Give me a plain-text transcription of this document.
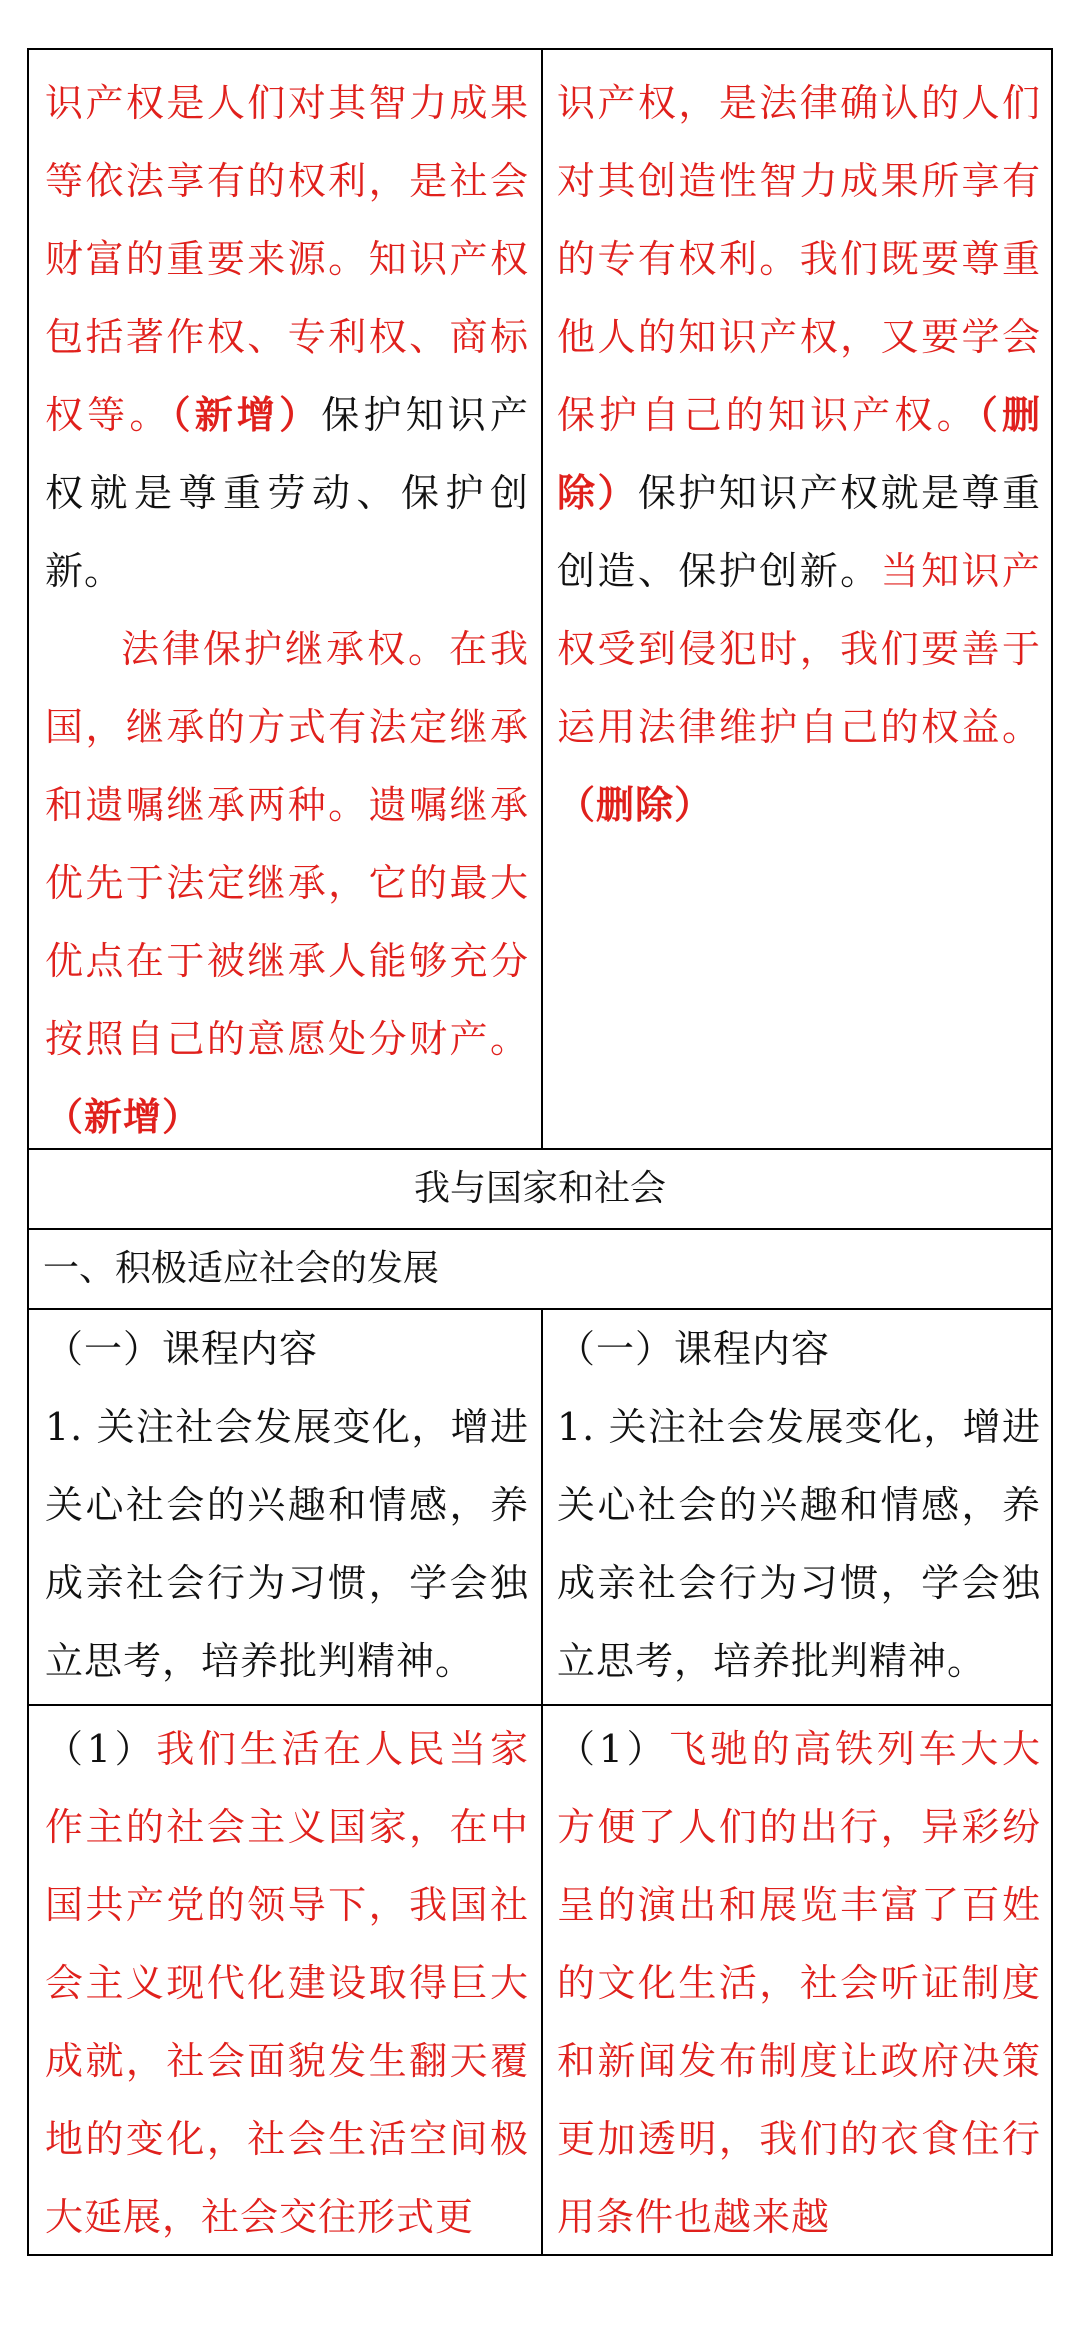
识产权是人们对其智力成果等依法享有的权利，是社会财富的重要来源。知识产权包括著作权、专利权、商标权等。（新增）保护知识产权就是尊重劳动、保护创新。
法律保护继承权。在我国，继承的方式有法定继承和遗嘱继承两种。遗嘱继承优先于法定继承，它的最大优点在于被继承人能够充分按照自己的意愿处分财产。（新增）
识产权，是法律确认的人们对其创造性智力成果所享有的专有权利。我们既要尊重他人的知识产权，又要学会保护自己的知识产权。（删除）保护知识产权就是尊重创造、保护创新。当知识产权受到侵犯时，我们要善于运用法律维护自己的权益。（删除）
我与国家和社会
一、积极适应社会的发展
（一）课程内容
1. 关注社会发展变化，增进关心社会的兴趣和情感，养成亲社会行为习惯，学会独立思考，培养批判精神。
（一）课程内容
1. 关注社会发展变化，增进关心社会的兴趣和情感，养成亲社会行为习惯，学会独立思考，培养批判精神。
（1）我们生活在人民当家作主的社会主义国家，在中国共产党的领导下，我国社会主义现代化建设取得巨大成就，社会面貌发生翻天覆地的变化，社会生活空间极大延展，社会交往形式更
（1）飞驰的高铁列车大大方便了人们的出行，异彩纷呈的演出和展览丰富了百姓的文化生活，社会听证制度和新闻发布制度让政府决策更加透明，我们的衣食住行用条件也越来越
